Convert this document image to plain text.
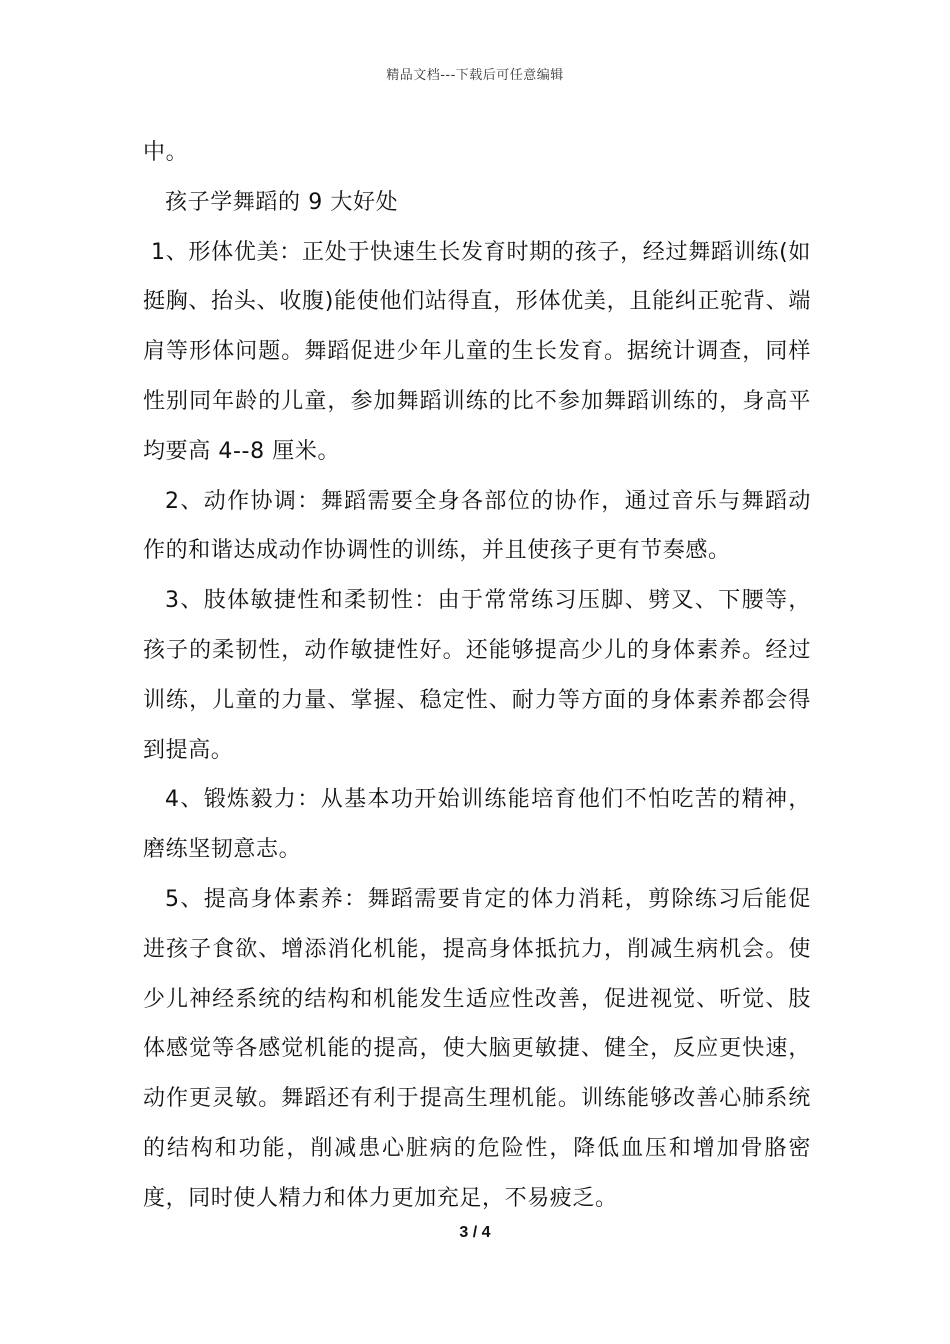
精品文档---下载后可任意编辑

中。

孩子学舞蹈的 9 大好处

1、形体优美：正处于快速生长发育时期的孩子，经过舞蹈训练(如挺胸、抬头、收腹)能使他们站得直，形体优美，且能纠正驼背、端肩等形体问题。舞蹈促进少年儿童的生长发育。据统计调查，同样性别同年龄的儿童，参加舞蹈训练的比不参加舞蹈训练的，身高平均要高 4--8 厘米。

2、动作协调：舞蹈需要全身各部位的协作，通过音乐与舞蹈动作的和谐达成动作协调性的训练，并且使孩子更有节奏感。

3、肢体敏捷性和柔韧性：由于常常练习压脚、劈叉、下腰等，孩子的柔韧性，动作敏捷性好。还能够提高少儿的身体素养。经过训练，儿童的力量、掌握、稳定性、耐力等方面的身体素养都会得到提高。

4、锻炼毅力：从基本功开始训练能培育他们不怕吃苦的精神，磨练坚韧意志。

5、提高身体素养：舞蹈需要肯定的体力消耗，剪除练习后能促进孩子食欲、增添消化机能，提高身体抵抗力，削减生病机会。使少儿神经系统的结构和机能发生适应性改善，促进视觉、听觉、肢体感觉等各感觉机能的提高，使大脑更敏捷、健全，反应更快速，动作更灵敏。舞蹈还有利于提高生理机能。训练能够改善心肺系统的结构和功能，削减患心脏病的危险性，降低血压和增加骨胳密度，同时使人精力和体力更加充足，不易疲乏。

3 / 4
